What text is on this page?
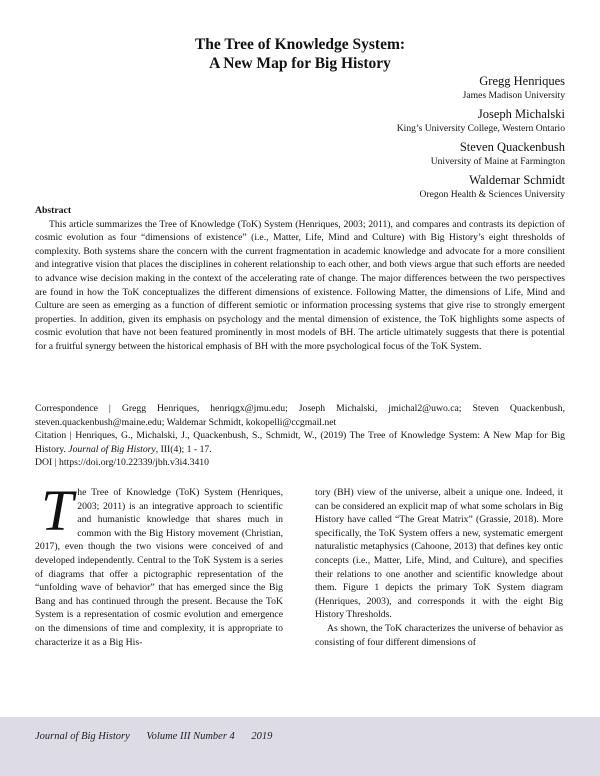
The Tree of Knowledge System:
A New Map for Big History
Gregg Henriques
James Madison University
Joseph Michalski
King’s University College, Western Ontario
Steven Quackenbush
University of Maine at Farmington
Waldemar Schmidt
Oregon Health & Sciences University
Abstract

This article summarizes the Tree of Knowledge (ToK) System (Henriques, 2003; 2011), and compares and contrasts its depiction of cosmic evolution as four “dimensions of existence” (i.e., Matter, Life, Mind and Culture) with Big History’s eight thresholds of complexity. Both systems share the concern with the current fragmentation in academic knowledge and advocate for a more consilient and integrative vision that places the disciplines in coherent relationship to each other, and both views argue that such efforts are needed to advance wise decision making in the context of the accelerating rate of change. The major differences between the two perspectives are found in how the ToK conceptualizes the different dimensions of existence. Following Matter, the dimensions of Life, Mind and Culture are seen as emerging as a function of different semiotic or information processing systems that give rise to strongly emergent properties. In addition, given its emphasis on psychology and the mental dimension of existence, the ToK highlights some aspects of cosmic evolution that have not been featured prominently in most models of BH. The article ultimately suggests that there is potential for a fruitful synergy between the historical emphasis of BH with the more psychological focus of the ToK System.

Correspondence | Gregg Henriques, henriqgx@jmu.edu; Joseph Michalski, jmichal2@uwo.ca; Steven Quackenbush, steven.quackenbush@maine.edu; Waldemar Schmidt, kokopelli@ccgmail.net

Citation | Henriques, G., Michalski, J., Quackenbush, S., Schmidt, W., (2019) The Tree of Knowledge System: A New Map for Big History. Journal of Big History, III(4); 1 - 17.

DOI | https://doi.org/10.22339/jbh.v3i4.3410

The Tree of Knowledge (ToK) System (Henriques, 2003; 2011) is an integrative approach to scientific and humanistic knowledge that shares much in common with the Big History movement (Christian, 2017), even though the two visions were conceived of and developed independently. Central to the ToK System is a series of diagrams that offer a pictographic representation of the “unfolding wave of behavior” that has emerged since the Big Bang and has continued through the present. Because the ToK System is a representation of cosmic evolution and emergence on the dimensions of time and complexity, it is appropriate to characterize it as a Big His-

tory (BH) view of the universe, albeit a unique one. Indeed, it can be considered an explicit map of what some scholars in Big History have called “The Great Matrix” (Grassie, 2018). More specifically, the ToK System offers a new, systematic emergent naturalistic metaphysics (Cahoone, 2013) that defines key ontic concepts (i.e., Matter, Life, Mind, and Culture), and specifies their relations to one another and scientific knowledge about them. Figure 1 depicts the primary ToK System diagram (Henriques, 2003), and corresponds it with the eight Big History Thresholds.

As shown, the ToK characterizes the universe of behavior as consisting of four different dimensions of

Journal of Big History Volume III Number 4 2019
